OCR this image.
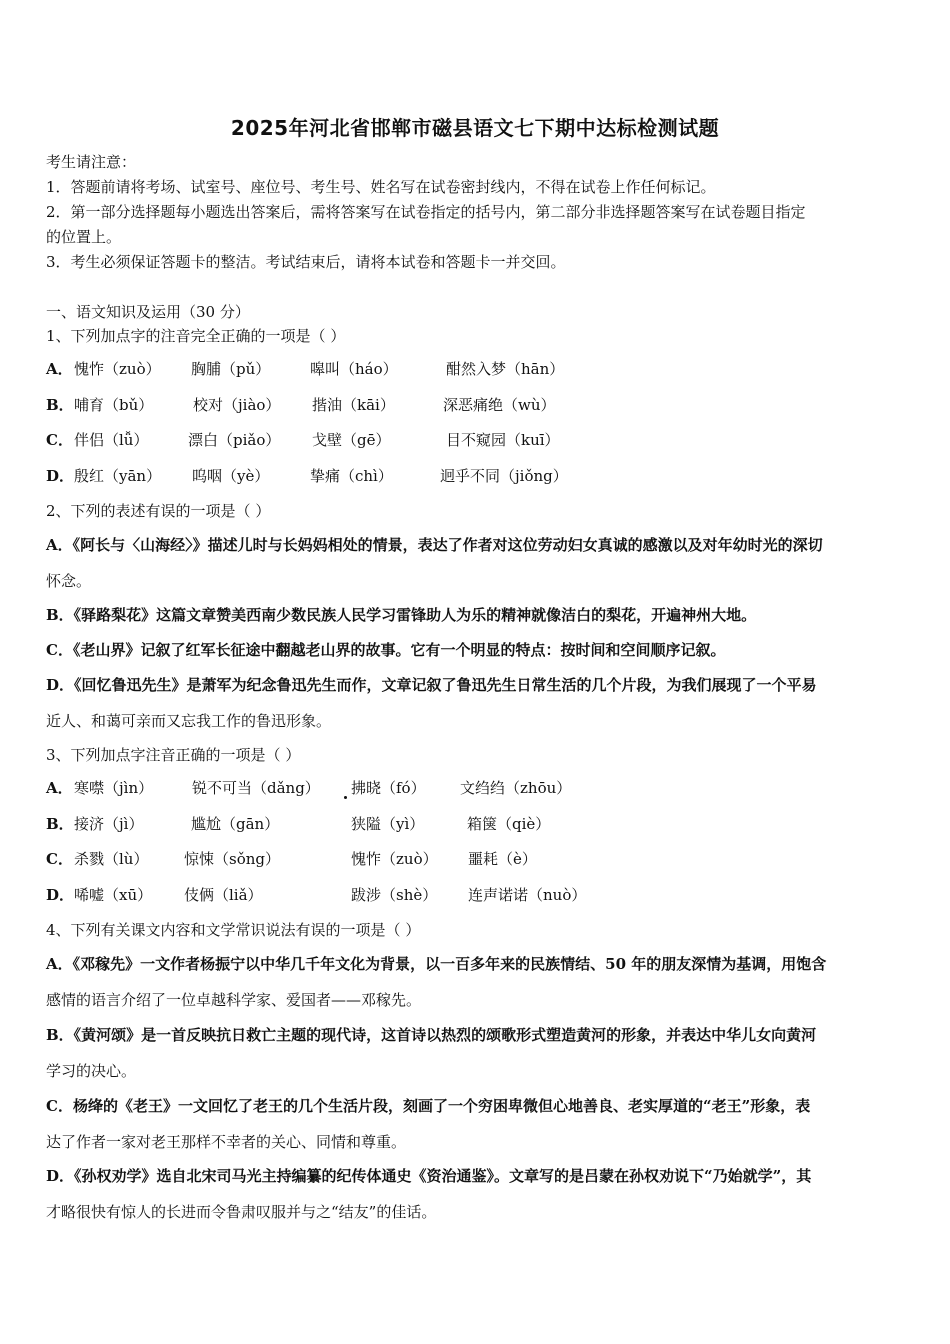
2025年河北省邯郸市磁县语文七下期中达标检测试题
考生请注意：
1．答题前请将考场、试室号、座位号、考生号、姓名写在试卷密封线内，不得在试卷上作任何标记。
2．第一部分选择题每小题选出答案后，需将答案写在试卷指定的括号内，第二部分非选择题答案写在试卷题目指定
的位置上。
3．考生必须保证答题卡的整洁。考试结束后，请将本试卷和答题卡一并交回。
一、语文知识及运用（30 分）
1、下列加点字的注音完全正确的一项是（ ）
A． 愧怍（zuò） 胸脯（pǔ）	嗥叫（háo）	酣然入梦（hān）
B． 哺育（bǔ）	校对（jiào） 揩油（kāi）	深恶痛绝（wù）
C． 伴侣（lǚ）	漂白（piǎo） 戈壁（gē）	目不窥园（kuī）
D． 殷红（yān） 呜咽（yè）	挚痛（chì）	迥乎不同（jiǒng）
2、下列的表述有误的一项是（ ）
A．《阿长与〈山海经〉》描述儿时与长妈妈相处的情景，表达了作者对这位劳动妇女真诚的感激以及对年幼时光的深切
怀念。
B．《驿路梨花》这篇文章赞美西南少数民族人民学习雷锋助人为乐的精神就像洁白的梨花，开遍神州大地。
C．《老山界》记叙了红军长征途中翻越老山界的故事。它有一个明显的特点：按时间和空间顺序记叙。
D．《回忆鲁迅先生》是萧军为纪念鲁迅先生而作，文章记叙了鲁迅先生日常生活的几个片段，为我们展现了一个平易
近人、和蔼可亲而又忘我工作的鲁迅形象。
3、下列加点字注音正确的一项是（ ）
A． 寒噤（jìn）	锐不可当（dǎng） 拂晓（fó） 文绉绉（zhōu）
B． 接济（jì）	尴尬（gān）	狭隘（yì）	箱箧（qiè）
C． 杀戮（lù） 惊悚（sǒng）	愧怍（zuò） 噩耗（è）
D． 唏嘘（xū） 伎俩（liǎ）	跋涉（shè） 连声诺诺（nuò）
4、下列有关课文内容和文学常识说法有误的一项是（ ）
A．《邓稼先》一文作者杨振宁以中华几千年文化为背景，以一百多年来的民族情结、50 年的朋友深情为基调，用饱含
感情的语言介绍了一位卓越科学家、爱国者——邓稼先。
B．《黄河颂》是一首反映抗日救亡主题的现代诗，这首诗以热烈的颂歌形式塑造黄河的形象，并表达中华儿女向黄河
学习的决心。
C．杨绛的《老王》一文回忆了老王的几个生活片段，刻画了一个穷困卑微但心地善良、老实厚道的“老王”形象，表
达了作者一家对老王那样不幸者的关心、同情和尊重。
D．《孙权劝学》选自北宋司马光主持编纂的纪传体通史《资治通鉴》。文章写的是吕蒙在孙权劝说下“乃始就学”，其
才略很快有惊人的长进而令鲁肃叹服并与之“结友”的佳话。
